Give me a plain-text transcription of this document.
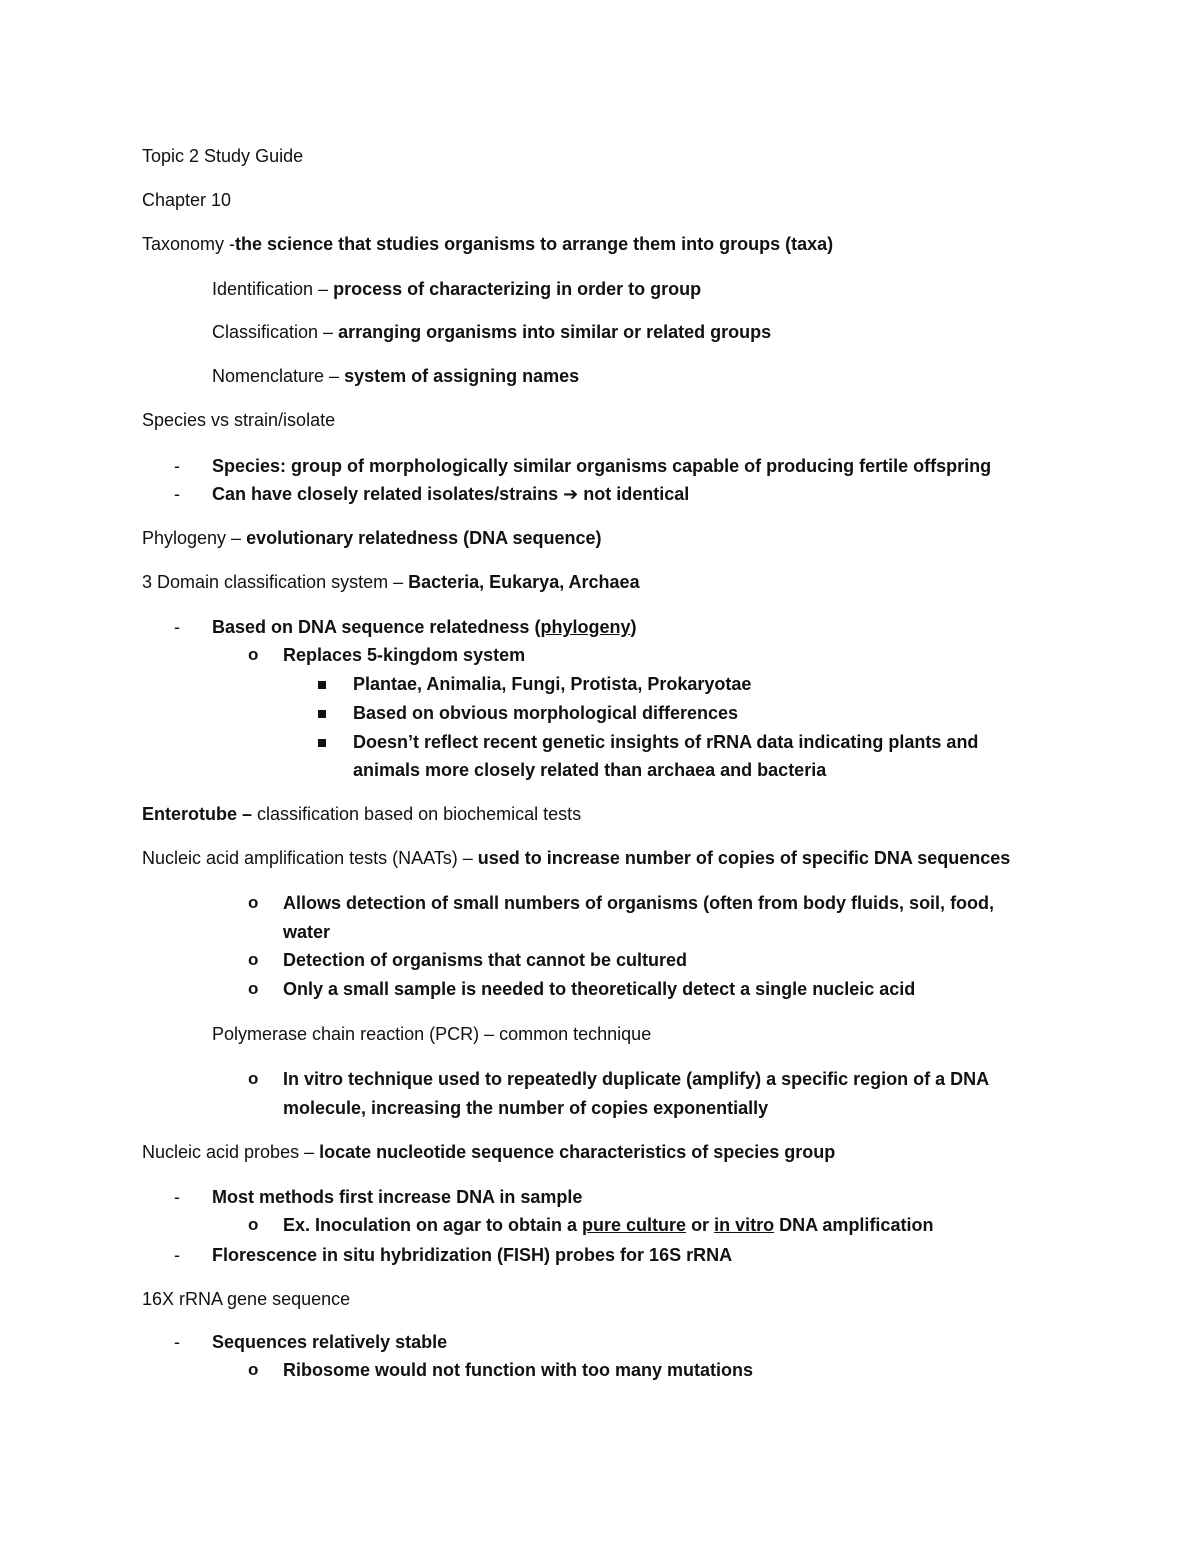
Topic 2 Study Guide
Chapter 10
Taxonomy -the science that studies organisms to arrange them into groups (taxa)
Identification – process of characterizing in order to group
Classification – arranging organisms into similar or related groups
Nomenclature – system of assigning names
Species vs strain/isolate
- Species: group of morphologically similar organisms capable of producing fertile offspring
- Can have closely related isolates/strains ➔ not identical
Phylogeny – evolutionary relatedness (DNA sequence)
3 Domain classification system – Bacteria, Eukarya, Archaea
- Based on DNA sequence relatedness (phylogeny)
o Replaces 5-kingdom system
Plantae, Animalia, Fungi, Protista, Prokaryotae
Based on obvious morphological differences
Doesn’t reflect recent genetic insights of rRNA data indicating plants and
animals more closely related than archaea and bacteria
Enterotube – classification based on biochemical tests
Nucleic acid amplification tests (NAATs) – used to increase number of copies of specific DNA sequences
o Allows detection of small numbers of organisms (often from body fluids, soil, food,
water
o Detection of organisms that cannot be cultured
o Only a small sample is needed to theoretically detect a single nucleic acid
Polymerase chain reaction (PCR) – common technique
o In vitro technique used to repeatedly duplicate (amplify) a specific region of a DNA
molecule, increasing the number of copies exponentially
Nucleic acid probes – locate nucleotide sequence characteristics of species group
- Most methods first increase DNA in sample
o Ex. Inoculation on agar to obtain a pure culture or in vitro DNA amplification
- Florescence in situ hybridization (FISH) probes for 16S rRNA
16X rRNA gene sequence
- Sequences relatively stable
o Ribosome would not function with too many mutations
